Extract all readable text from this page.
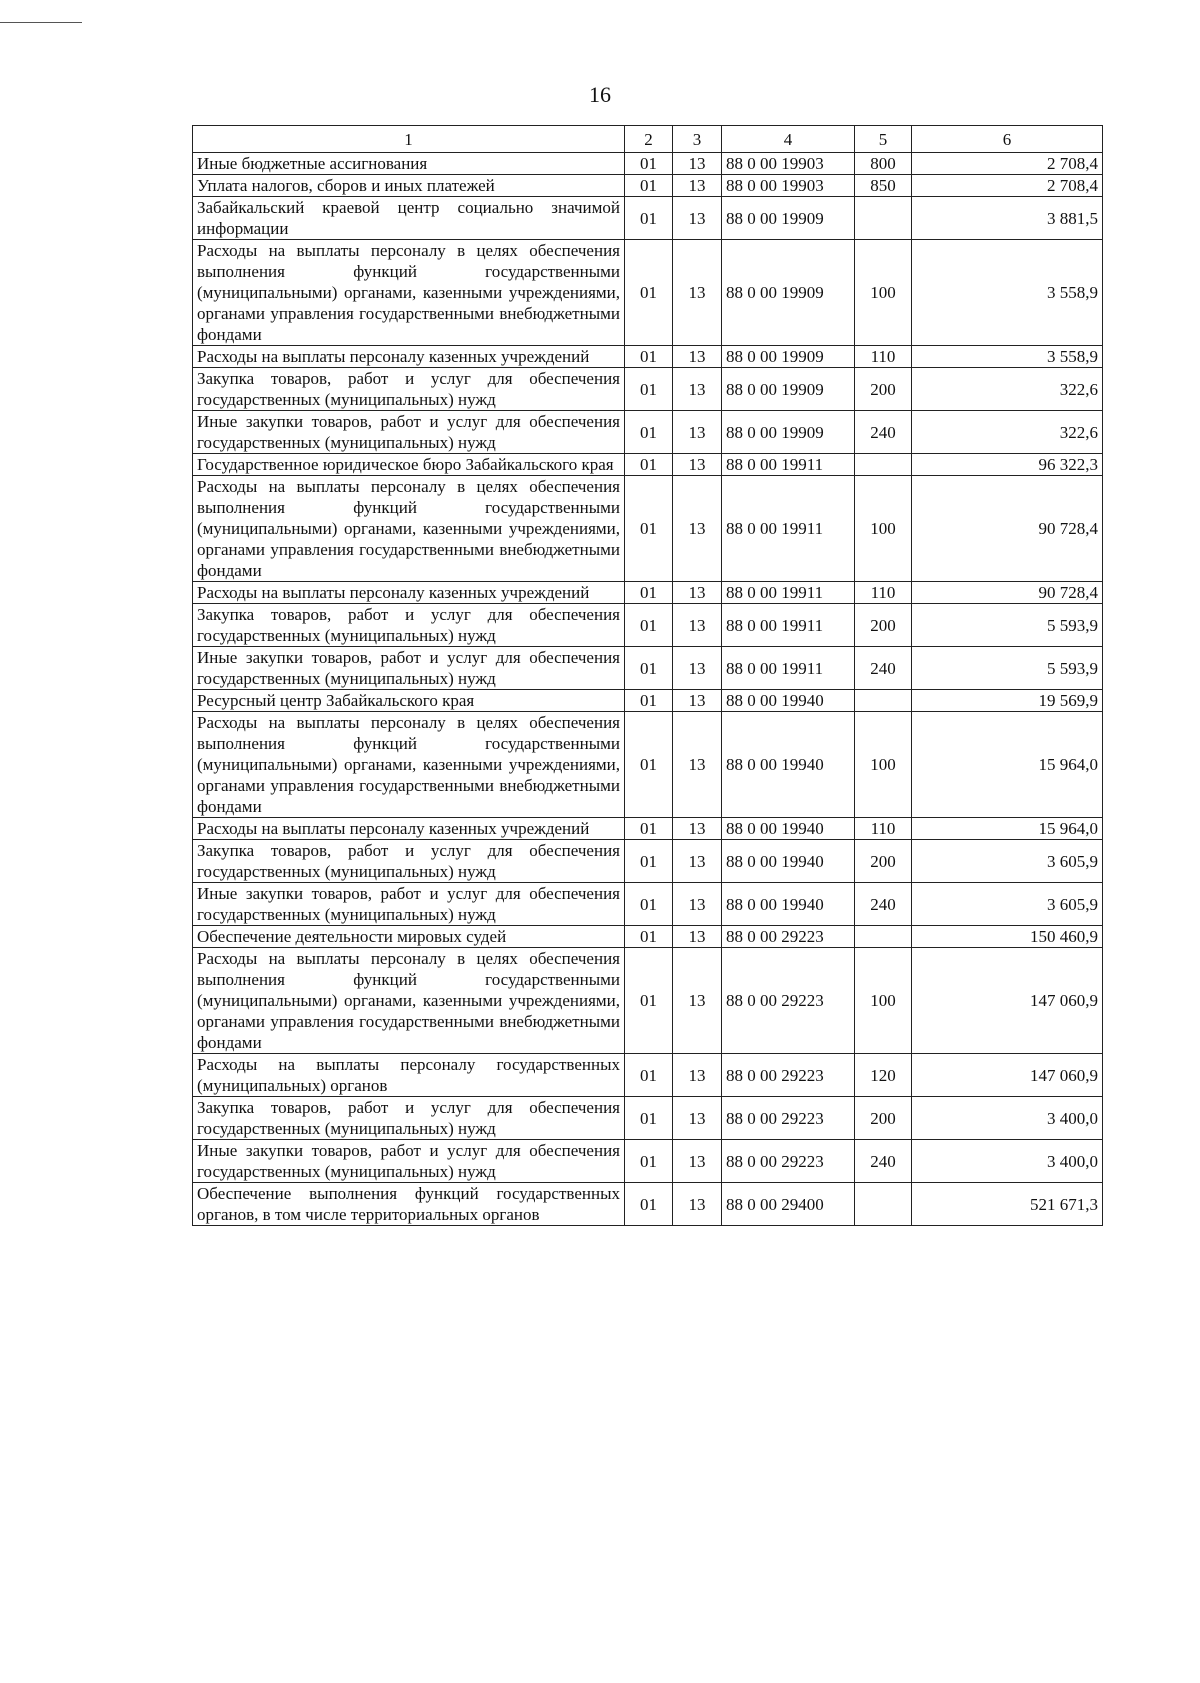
16
1	2	3	4	5	6
Иные бюджетные ассигнования	01	13	88 0 00 19903	800	2 708,4
Уплата налогов, сборов и иных платежей	01	13	88 0 00 19903	850	2 708,4
Забайкальский краевой центр социально значимой информации	01	13	88 0 00 19909		3 881,5
Расходы на выплаты персоналу в целях обеспечения выполнения функций государственными (муниципальными) органами, казенными учреждениями, органами управления государственными внебюджетными фондами	01	13	88 0 00 19909	100	3 558,9
Расходы на выплаты персоналу казенных учреждений	01	13	88 0 00 19909	110	3 558,9
Закупка товаров, работ и услуг для обеспечения государственных (муниципальных) нужд	01	13	88 0 00 19909	200	322,6
Иные закупки товаров, работ и услуг для обеспечения государственных (муниципальных) нужд	01	13	88 0 00 19909	240	322,6
Государственное юридическое бюро Забайкальского края	01	13	88 0 00 19911		96 322,3
Расходы на выплаты персоналу в целях обеспечения выполнения функций государственными (муниципальными) органами, казенными учреждениями, органами управления государственными внебюджетными фондами	01	13	88 0 00 19911	100	90 728,4
Расходы на выплаты персоналу казенных учреждений	01	13	88 0 00 19911	110	90 728,4
Закупка товаров, работ и услуг для обеспечения государственных (муниципальных) нужд	01	13	88 0 00 19911	200	5 593,9
Иные закупки товаров, работ и услуг для обеспечения государственных (муниципальных) нужд	01	13	88 0 00 19911	240	5 593,9
Ресурсный центр Забайкальского края	01	13	88 0 00 19940		19 569,9
Расходы на выплаты персоналу в целях обеспечения выполнения функций государственными (муниципальными) органами, казенными учреждениями, органами управления государственными внебюджетными фондами	01	13	88 0 00 19940	100	15 964,0
Расходы на выплаты персоналу казенных учреждений	01	13	88 0 00 19940	110	15 964,0
Закупка товаров, работ и услуг для обеспечения государственных (муниципальных) нужд	01	13	88 0 00 19940	200	3 605,9
Иные закупки товаров, работ и услуг для обеспечения государственных (муниципальных) нужд	01	13	88 0 00 19940	240	3 605,9
Обеспечение деятельности мировых судей	01	13	88 0 00 29223		150 460,9
Расходы на выплаты персоналу в целях обеспечения выполнения функций государственными (муниципальными) органами, казенными учреждениями, органами управления государственными внебюджетными фондами	01	13	88 0 00 29223	100	147 060,9
Расходы на выплаты персоналу государственных (муниципальных) органов	01	13	88 0 00 29223	120	147 060,9
Закупка товаров, работ и услуг для обеспечения государственных (муниципальных) нужд	01	13	88 0 00 29223	200	3 400,0
Иные закупки товаров, работ и услуг для обеспечения государственных (муниципальных) нужд	01	13	88 0 00 29223	240	3 400,0
Обеспечение выполнения функций государственных органов, в том числе территориальных органов	01	13	88 0 00 29400		521 671,3
